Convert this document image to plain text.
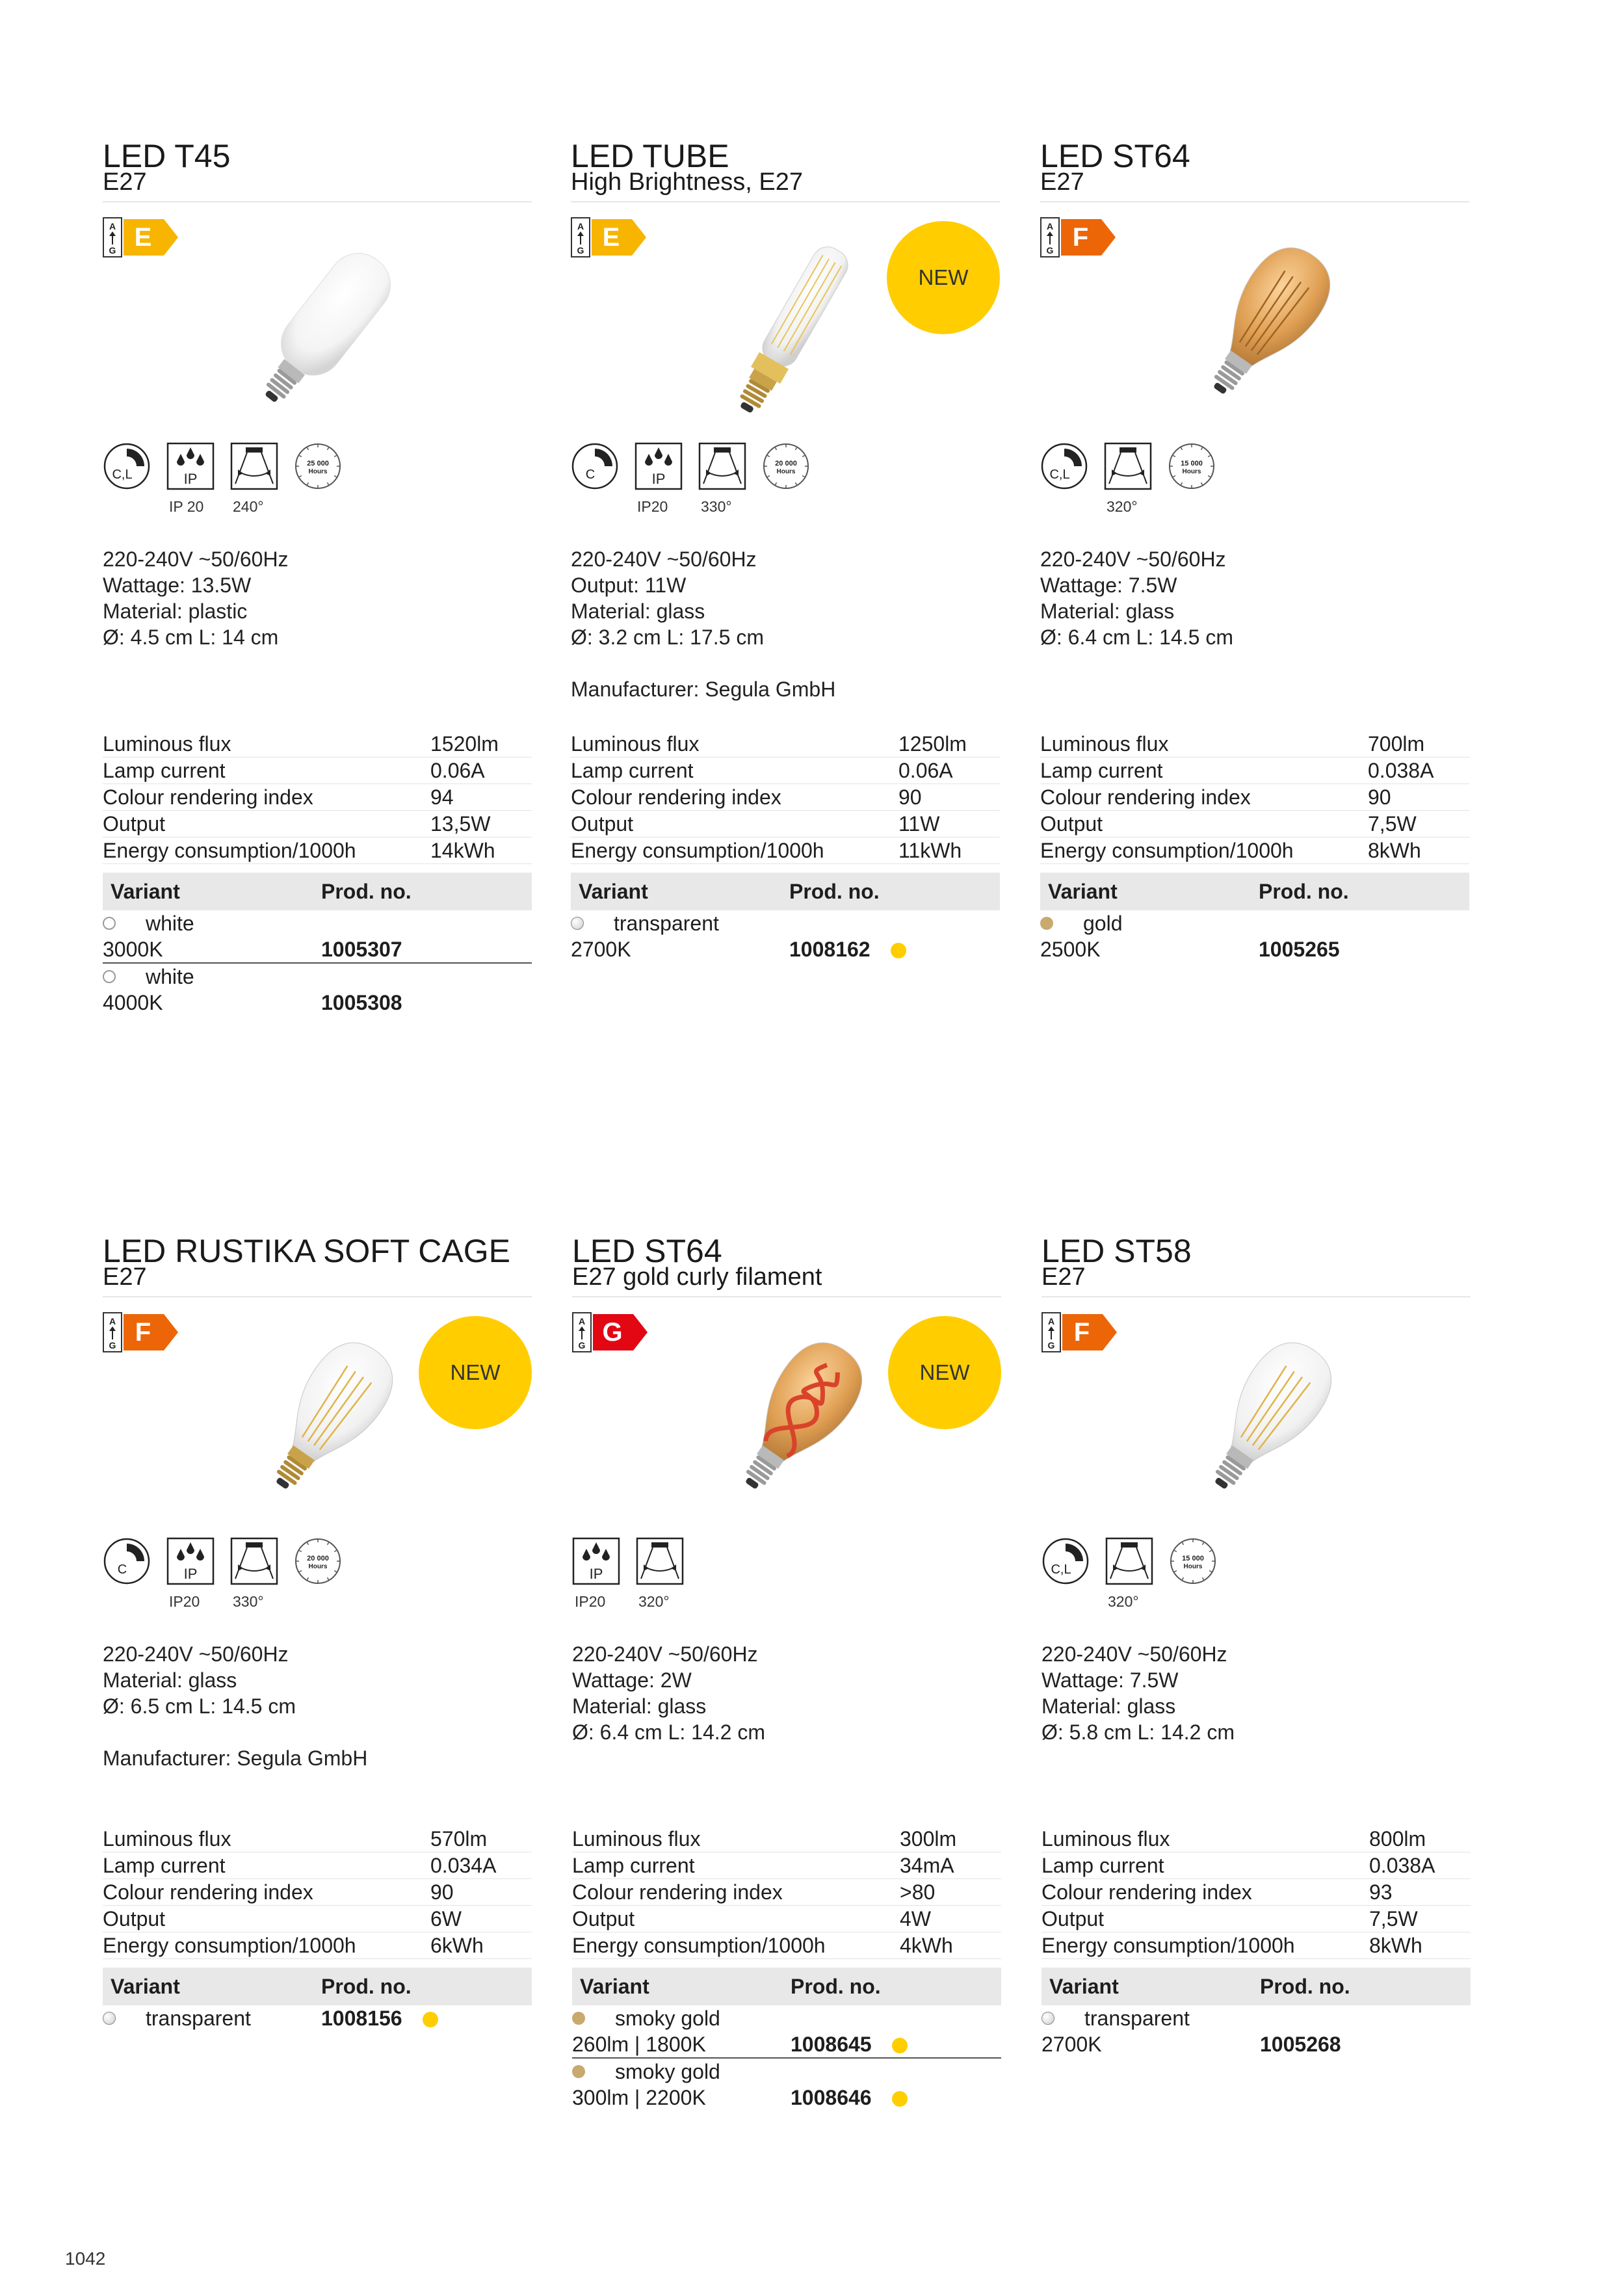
LED T45
E27
A
G E
C,L	IP
IP 20 240°
25 000
Hours
220-240V ~50/60Hz
Wattage: 13.5W
Material: plastic
Ø: 4.5 cm L: 14 cm
Luminous flux	1520lm
Lamp current	0.06A
Colour rendering index	94
Output	13,5W
Energy consumption/1000h	14kWh
Variant	Prod. no.
white
3000K	1005307
white
4000K	1005308
LED TUBE
High Brightness, E27
A
G E
NEW
C	IP
IP20 330°
20 000
Hours
220-240V ~50/60Hz
Output: 11W
Material: glass
Ø: 3.2 cm L: 17.5 cm
Manufacturer: Segula GmbH
Luminous flux	1250lm
Lamp current	0.06A
Colour rendering index	90
Output	11W
Energy consumption/1000h	11kWh
Variant	Prod. no.
transparent
2700K	1008162
LED ST64
E27
A
G F
C,L
320°
15 000
Hours
220-240V ~50/60Hz
Wattage: 7.5W
Material: glass
Ø: 6.4 cm L: 14.5 cm
Luminous flux	700lm
Lamp current	0.038A
Colour rendering index	90
Output	7,5W
Energy consumption/1000h	8kWh
Variant	Prod. no.
gold
2500K	1005265
LED RUSTIKA SOFT CAGE
E27
A
G F
NEW
C	IP
IP20 330°
20 000
Hours
220-240V ~50/60Hz
Material: glass
Ø: 6.5 cm L: 14.5 cm
Manufacturer: Segula GmbH
Luminous flux	570lm
Lamp current	0.034A
Colour rendering index	90
Output	6W
Energy consumption/1000h	6kWh
Variant	Prod. no.
transparent	1008156
LED ST64
E27 gold curly filament
A
G G
NEW
IP
IP20 320°
220-240V ~50/60Hz
Wattage: 2W
Material: glass
Ø: 6.4 cm L: 14.2 cm
Luminous flux	300lm
Lamp current	34mA
Colour rendering index	>80
Output	4W
Energy consumption/1000h	4kWh
Variant	Prod. no.
smoky gold
260lm | 1800K	1008645
smoky gold
300lm | 2200K	1008646
LED ST58
E27
A
G F
C,L
320°
15 000
Hours
220-240V ~50/60Hz
Wattage: 7.5W
Material: glass
Ø: 5.8 cm L: 14.2 cm
Luminous flux	800lm
Lamp current	0.038A
Colour rendering index	93
Output	7,5W
Energy consumption/1000h	8kWh
Variant	Prod. no.
transparent
2700K	1005268
1042
